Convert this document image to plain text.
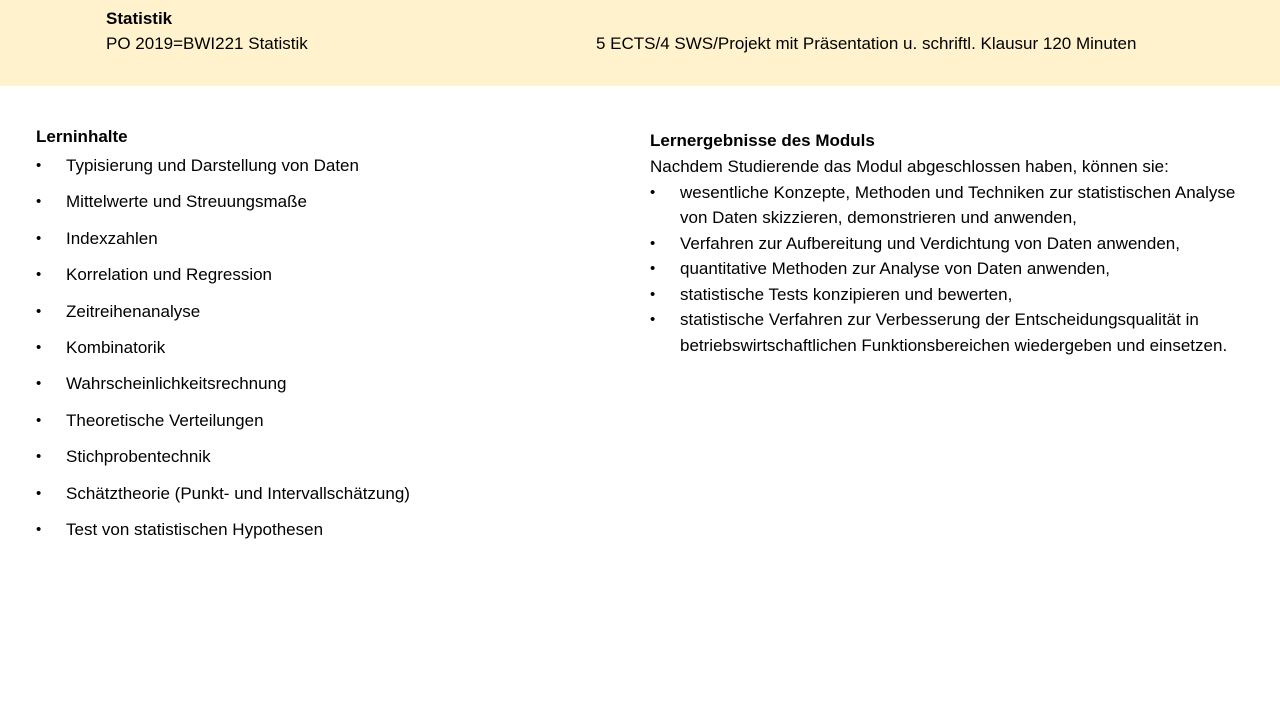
Statistik
PO 2019=BWI221 Statistik	5 ECTS/4 SWS/Projekt mit Präsentation u. schriftl. Klausur 120 Minuten

Lerninhalte

•	Typisierung und Darstellung von Daten
•	Mittelwerte und Streuungsmaße
•	Indexzahlen
•	Korrelation und Regression
•	Zeitreihenanalyse
•	Kombinatorik
•	Wahrscheinlichkeitsrechnung
•	Theoretische Verteilungen
•	Stichprobentechnik
•	Schätztheorie (Punkt- und Intervallschätzung)
•	Test von statistischen Hypothesen

Lernergebnisse des Moduls

Nachdem Studierende das Modul abgeschlossen haben, können sie:

•	wesentliche Konzepte, Methoden und Techniken zur statistischen Analyse von Daten skizzieren, demonstrieren und anwenden,
•	Verfahren zur Aufbereitung und Verdichtung von Daten anwenden,
•	quantitative Methoden zur Analyse von Daten anwenden,
•	statistische Tests konzipieren und bewerten,
•	statistische Verfahren zur Verbesserung der Entscheidungsqualität in betriebswirtschaftlichen Funktionsbereichen wiedergeben und einsetzen.
